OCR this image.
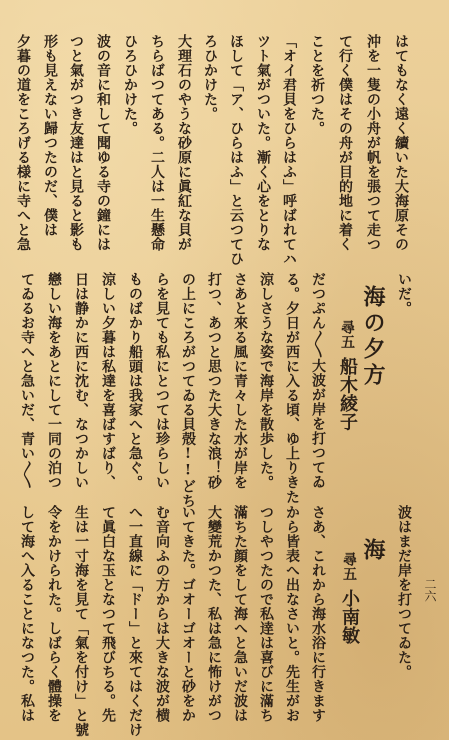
二六
はてもなく遠く續いた大海原その
沖を一隻の小舟が帆を張つて走つ
て行く僕はその舟が目的地に着く
ことを祈つた。
「オイ君貝をひらはふ」呼ばれてハ
ツト氣がついた。漸く心をとりな
ほして「ア、ひらはふ」と云つてひ
ろひかけた。
大理石のやうな砂原に眞紅な貝が
ちらばつてある。二人は一生懸命
ひろひかけた。
波の音に和して聞ゆる寺の鐘には
つと氣がつき友達はと見ると影も
形も見えない歸つたのだ、僕は
夕暮の道をころげる様に寺へと急
波はまだ岸を打つてゐた。
海
尋五小南敏
さあ、これから海水浴に行きます
から皆表へ出なさいと。先生がお
つしやつたので私逹は喜びに滿ち
滿ちた顔をして海へと急いだ波は
大變荒かつた、私は急に怖けがつ
いてきた。ゴオーゴオーと砂をか
む音向ふの方からは大きな波が横
へ一直線に「ドー」と來てはくだけ
て眞白な玉となつて飛びちる。先
生は一寸海を見て「氣を付け」と號
令をかけられた。しばらく體操を
して海へ入ることになつた。私は
いだ。
海の夕方
尋五船木綾子
だつぷん〳〵大波が岸を打つてゐ
る。夕日が西に入る頃、ゆ上りきた
涼しさうな姿で海岸を散歩した。
さあと來る風に青々した水が岸を
打つ、あつと思つた大きな浪！砂
の上にころがつてゐる貝殻!!どち
らを見ても私にとつては珍らしい
ものばかり船頭は我家へと急ぐ。
涼しい夕暮は私達を喜ばすばり、
日は静かに西に沈む、なつかしい
戀しい海をあとにして一同の泊つ
てゐるお寺へと急いだ、青い〳〵
